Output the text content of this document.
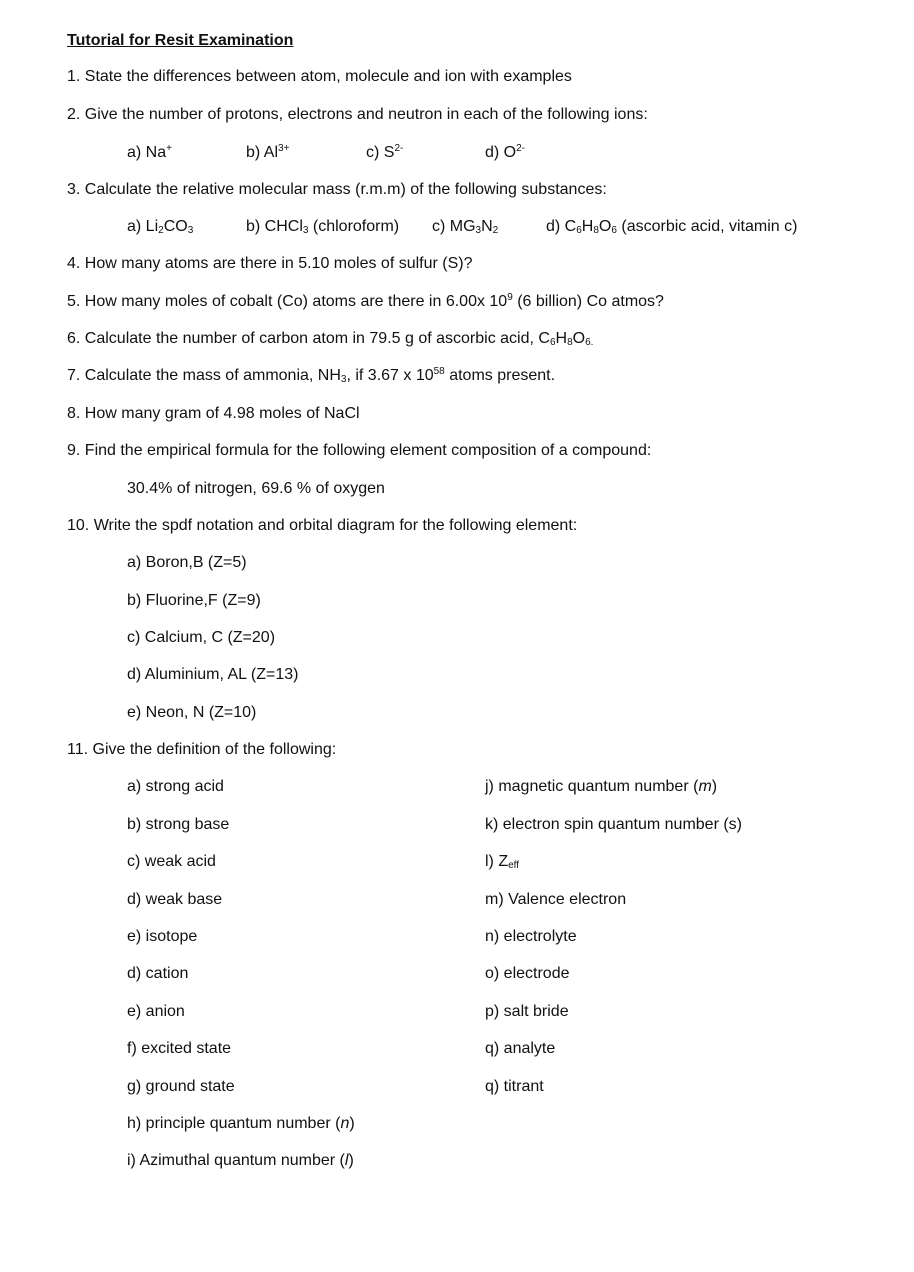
Tutorial for Resit Examination
1. State the differences between atom, molecule and ion with examples
2. Give the number of protons, electrons and neutron in each of the following ions:
a) Na+	b) $Al^{3+}$	c) $S^{2-}$	d) $O^{2-}$
3. Calculate the relative molecular mass (r.m.m) of the following substances:
a) $Li_2CO_3$	b) CHCl$_3$ (chloroform) c) $MG_3N_2$	d) $C_6H_8O_6$ (ascorbic acid, vitamin c)
4. How many atoms are there in 5.10 moles of sulfur (S)?
5. How many moles of cobalt (Co) atoms are there in 6.00x $10^9$ (6 billion) Co atmos?
6. Calculate the number of carbon atom in 79.5 g of ascorbic acid, $C_6H_8O_{6.}$
7. Calculate the mass of ammonia, $NH_3$, if 3.67 x $10^{58}$ atoms present.
8. How many gram of 4.98 moles of NaCl
9. Find the empirical formula for the following element composition of a compound:
30.4% of nitrogen, 69.6 % of oxygen
10. Write the spdf notation and orbital diagram for the following element:
a) Boron,B (Z=5)
b) Fluorine,F (Z=9)
c) Calcium, C (Z=20)
d) Aluminium, AL (Z=13)
e) Neon, N (Z=10)
11. Give the definition of the following:
a) strong acid
b) strong base
c) weak acid
d) weak base
e) isotope
d) cation
e) anion
f) excited state
g) ground state
h) principle quantum number (n)
i) Azimuthal quantum number (l)
j) magnetic quantum number (m)
k) electron spin quantum number (s)
l) $Z_{eff}$
m) Valence electron
n) electrolyte
o) electrode
p) salt bride
q) analyte
q) titrant
